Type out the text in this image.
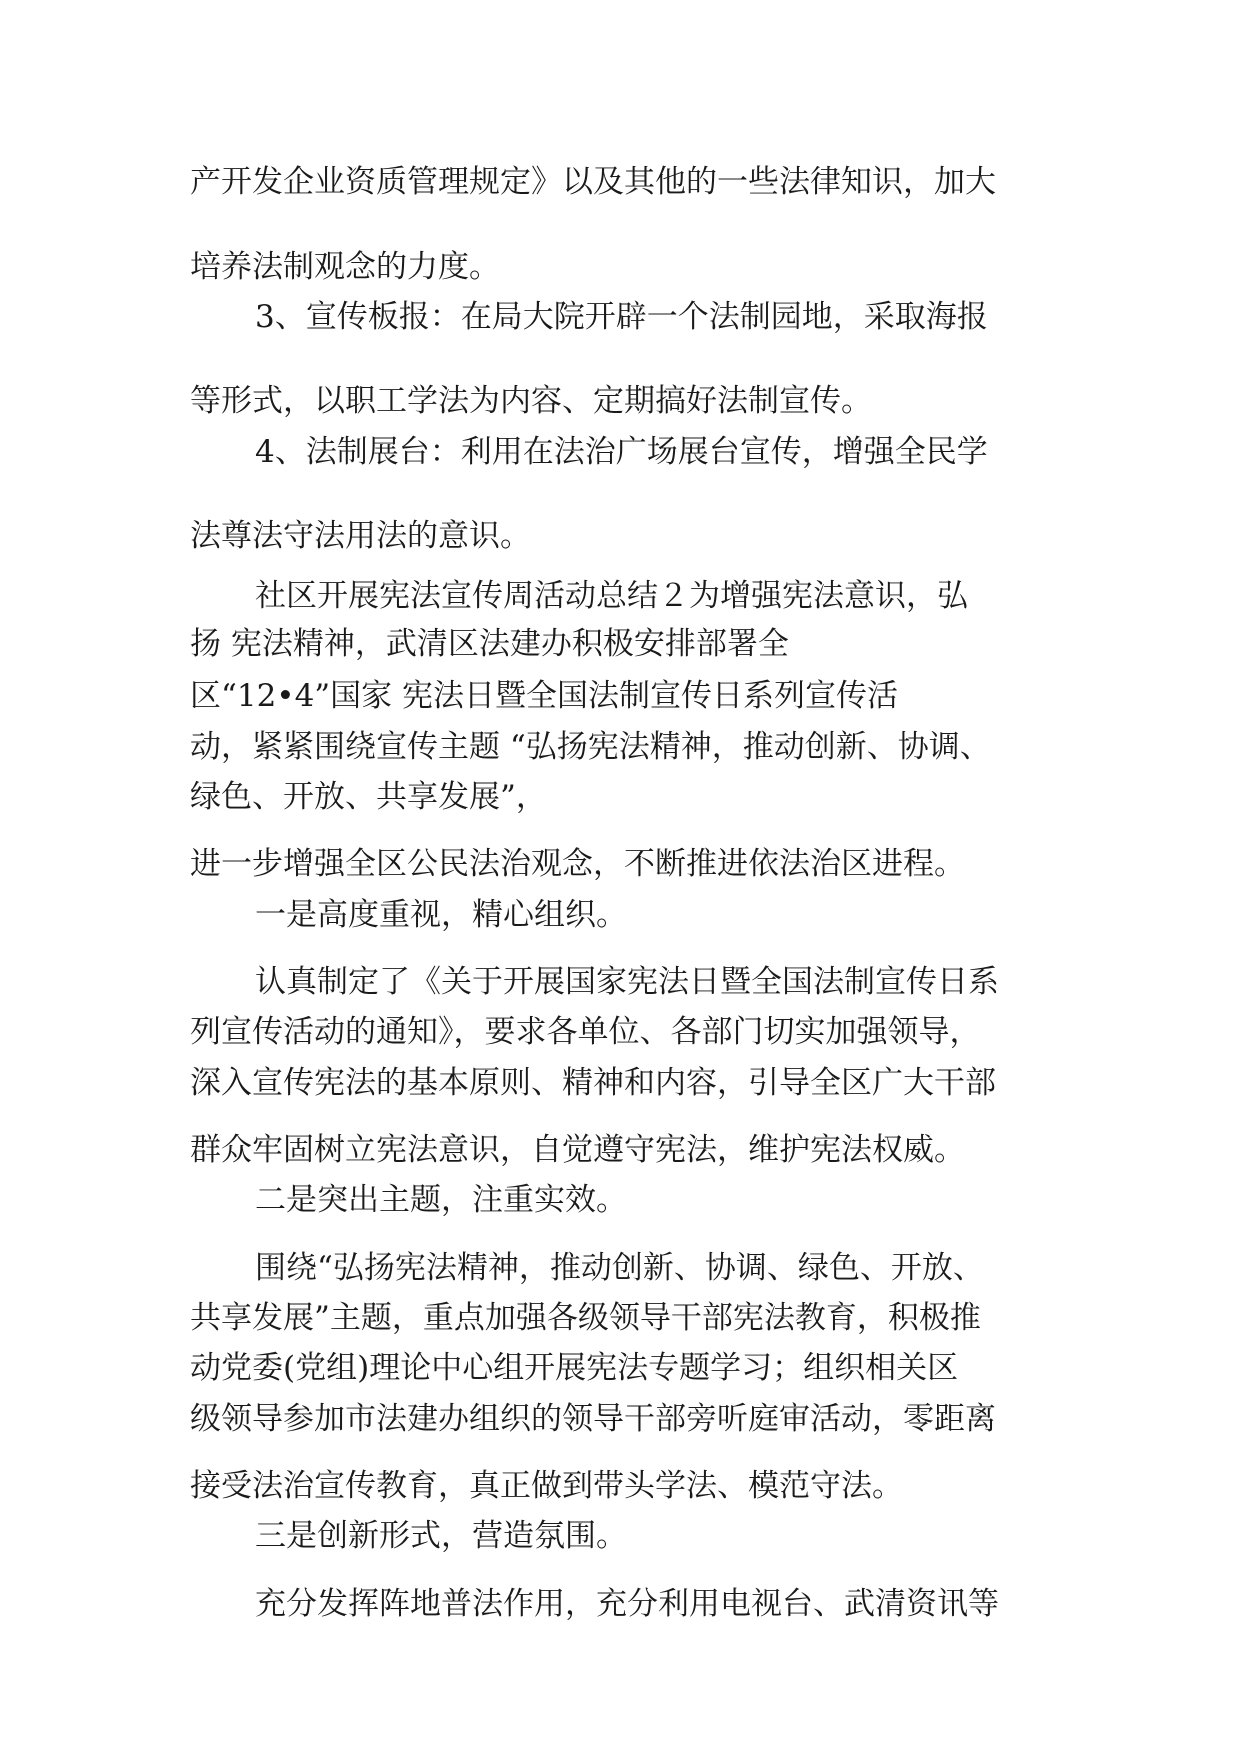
产开发企业资质管理规定》以及其他的一些法律知识，加大
培养法制观念的力度。
3、宣传板报：在局大院开辟一个法制园地，采取海报
等形式，以职工学法为内容、定期搞好法制宣传。
4、法制展台：利用在法治广场展台宣传，增强全民学
法尊法守法用法的意识。
社区开展宪法宣传周活动总结２为增强宪法意识，弘
扬 宪法精神，武清区法建办积极安排部署全
区“12•4”国家 宪法日暨全国法制宣传日系列宣传活
动，紧紧围绕宣传主题 “弘扬宪法精神，推动创新、协调、
绿色、开放、共享发展”，
进一步增强全区公民法治观念，不断推进依法治区进程。
一是高度重视，精心组织。
认真制定了《关于开展国家宪法日暨全国法制宣传日系
列宣传活动的通知》，要求各单位、各部门切实加强领导，
深入宣传宪法的基本原则、精神和内容，引导全区广大干部
群众牢固树立宪法意识，自觉遵守宪法，维护宪法权威。
二是突出主题，注重实效。
围绕“弘扬宪法精神，推动创新、协调、绿色、开放、
共享发展”主题，重点加强各级领导干部宪法教育，积极推
动党委(党组)理论中心组开展宪法专题学习；组织相关区
级领导参加市法建办组织的领导干部旁听庭审活动，零距离
接受法治宣传教育，真正做到带头学法、模范守法。
三是创新形式，营造氛围。
充分发挥阵地普法作用，充分利用电视台、武清资讯等
